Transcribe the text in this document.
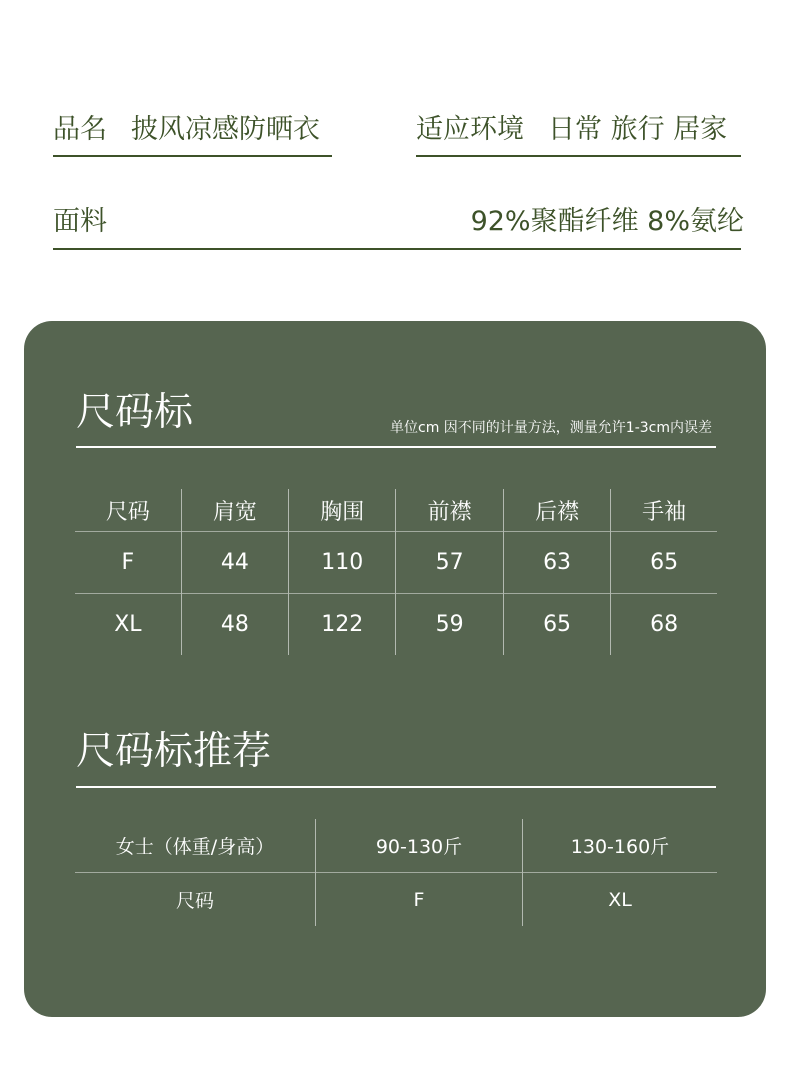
品名 披风凉感防晒衣	适应环境 日常 旅行 居家
面料	92%聚酯纤维 8%氨纶
尺码标	单位cm 因不同的计量方法，测量允许1-3cm内误差
尺码	肩宽	胸围	前襟	后襟	手袖
F	44	110	57	63	65
XL	48	122	59	65	68
尺码标推荐
女士（体重/身高）	90-130斤	130-160斤
尺码	F	XL
